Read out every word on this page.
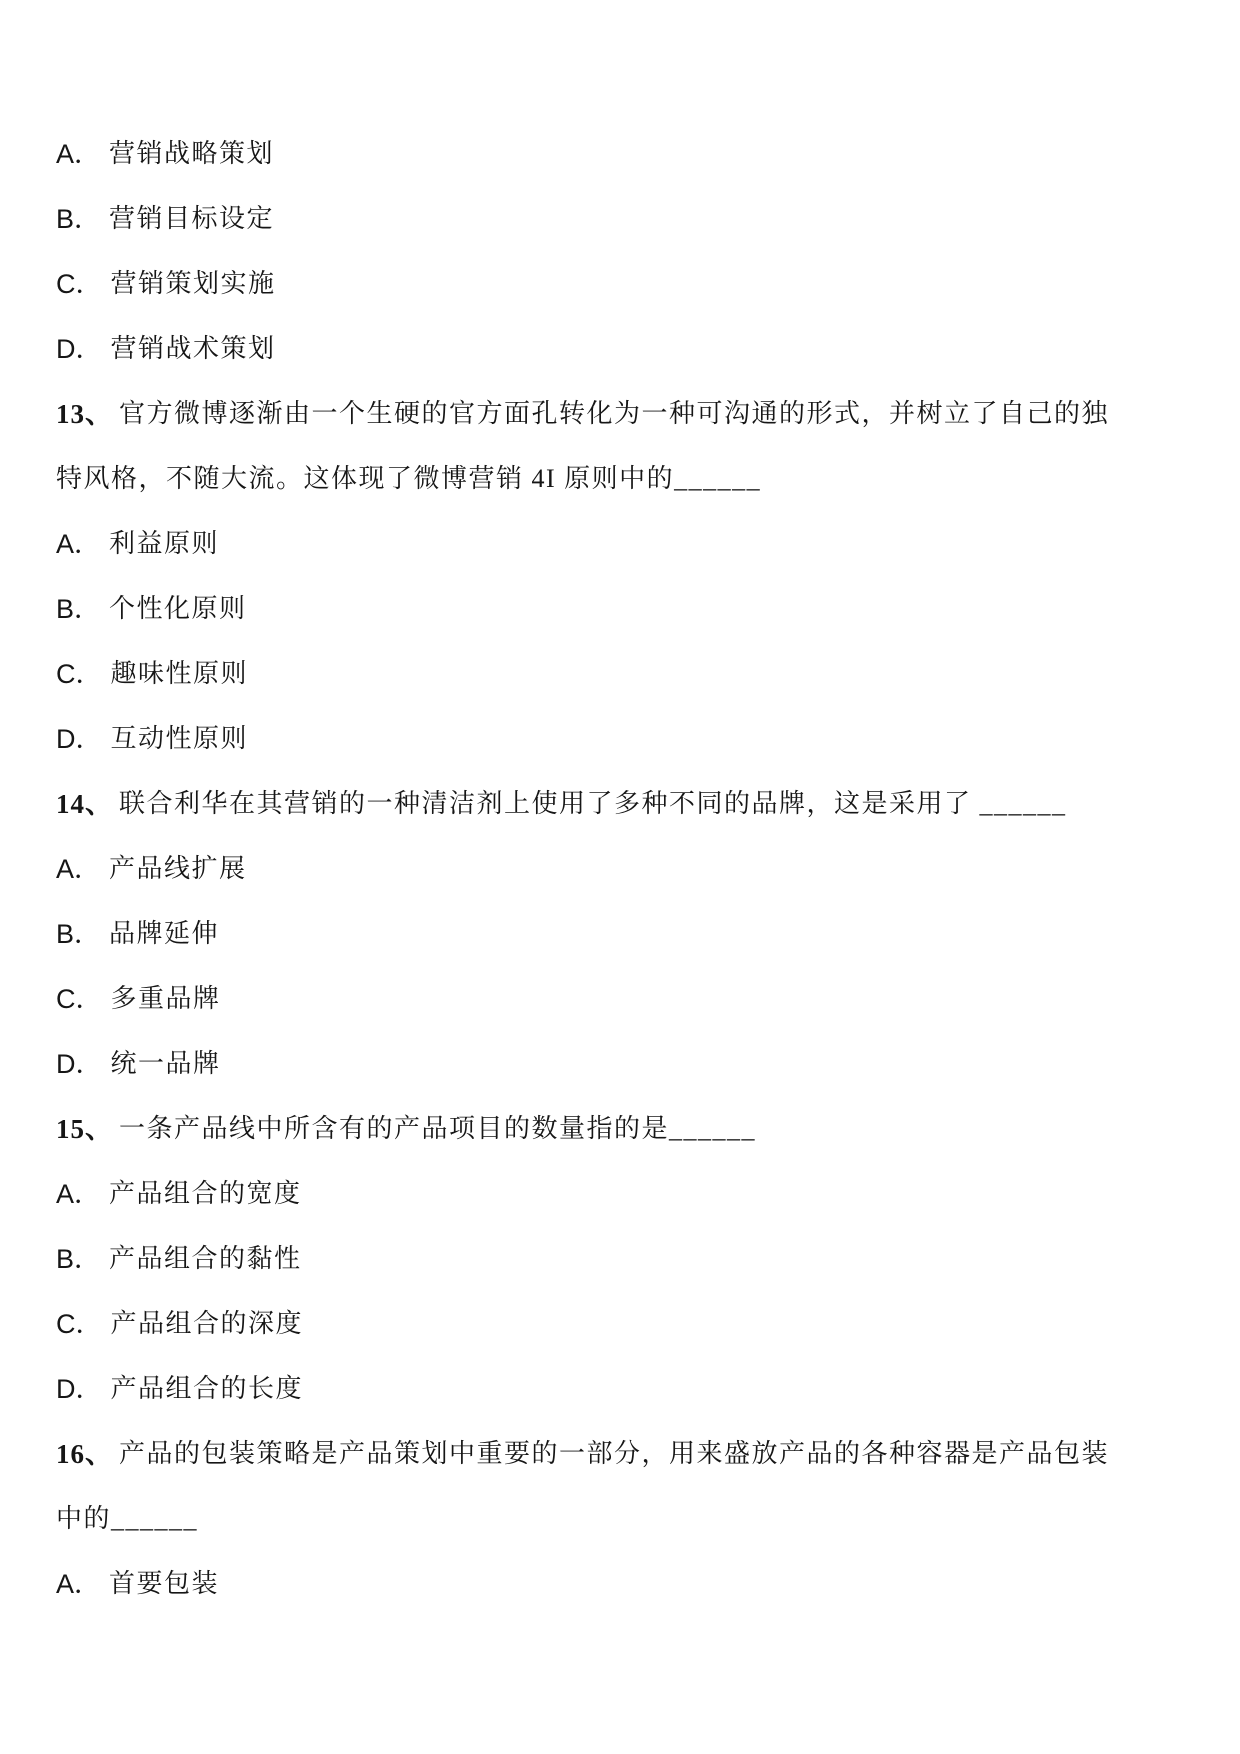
A． 营销战略策划
B． 营销目标设定
C． 营销策划实施
D． 营销战术策划
13、 官方微博逐渐由一个生硬的官方面孔转化为一种可沟通的形式，并树立了自己的独
特风格，不随大流。这体现了微博营销 4I 原则中的______
A． 利益原则
B． 个性化原则
C． 趣味性原则
D． 互动性原则
14、 联合利华在其营销的一种清洁剂上使用了多种不同的品牌，这是采用了 ______
A． 产品线扩展
B． 品牌延伸
C． 多重品牌
D． 统一品牌
15、 一条产品线中所含有的产品项目的数量指的是______
A． 产品组合的宽度
B． 产品组合的黏性
C． 产品组合的深度
D． 产品组合的长度
16、 产品的包装策略是产品策划中重要的一部分，用来盛放产品的各种容器是产品包装
中的______
A． 首要包装
